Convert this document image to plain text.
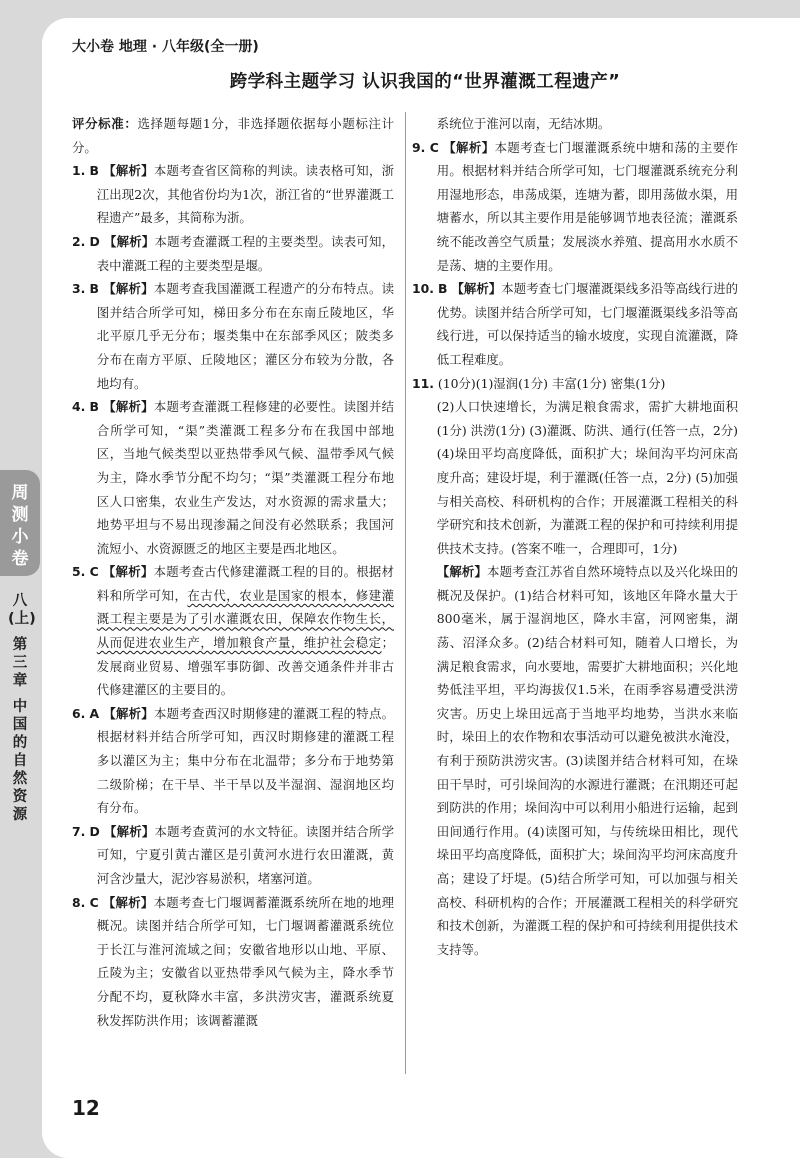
大小卷 地理 · 八年级(全一册)
跨学科主题学习 认识我国的“世界灌溉工程遗产”

评分标准：选择题每题1分，非选择题依据每小题标注计分。

1. B 【解析】本题考查省区简称的判读。读表格可知，浙江出现2次，其他省份均为1次，浙江省的“世界灌溉工程遗产”最多，其简称为浙。

2. D 【解析】本题考查灌溉工程的主要类型。读表可知，表中灌溉工程的主要类型是堰。

3. B 【解析】本题考查我国灌溉工程遗产的分布特点。读图并结合所学可知，梯田多分布在东南丘陵地区，华北平原几乎无分布；堰类集中在东部季风区；陂类多分布在南方平原、丘陵地区；灌区分布较为分散，各地均有。

4. B 【解析】本题考查灌溉工程修建的必要性。读图并结合所学可知，“渠”类灌溉工程多分布在我国中部地区，当地气候类型以亚热带季风气候、温带季风气候为主，降水季节分配不均匀；“渠”类灌溉工程分布地区人口密集，农业生产发达，对水资源的需求量大；地势平坦与不易出现渗漏之间没有必然联系；我国河流短小、水资源匮乏的地区主要是西北地区。

5. C 【解析】本题考查古代修建灌溉工程的目的。根据材料和所学可知，在古代，农业是国家的根本，修建灌溉工程主要是为了引水灌溉农田，保障农作物生长，从而促进农业生产，增加粮食产量，维护社会稳定；发展商业贸易、增强军事防御、改善交通条件并非古代修建灌区的主要目的。

6. A 【解析】本题考查西汉时期修建的灌溉工程的特点。根据材料并结合所学可知，西汉时期修建的灌溉工程多以灌区为主；集中分布在北温带；多分布于地势第二级阶梯；在干旱、半干旱以及半湿润、湿润地区均有分布。

7. D 【解析】本题考查黄河的水文特征。读图并结合所学可知，宁夏引黄古灌区是引黄河水进行农田灌溉，黄河含沙量大，泥沙容易淤积，堵塞河道。

8. C 【解析】本题考查七门堰调蓄灌溉系统所在地的地理概况。读图并结合所学可知，七门堰调蓄灌溉系统位于长江与淮河流域之间；安徽省地形以山地、平原、丘陵为主；安徽省以亚热带季风气候为主，降水季节分配不均，夏秋降水丰富，多洪涝灾害，灌溉系统夏秋发挥防洪作用；该调蓄灌溉

系统位于淮河以南，无结冰期。

9. C 【解析】本题考查七门堰灌溉系统中塘和荡的主要作用。根据材料并结合所学可知，七门堰灌溉系统充分利用湿地形态，串荡成渠，连塘为蓄，即用荡做水渠，用塘蓄水，所以其主要作用是能够调节地表径流；灌溉系统不能改善空气质量；发展淡水养殖、提高用水水质不是荡、塘的主要作用。

10. B 【解析】本题考查七门堰灌溉渠线多沿等高线行进的优势。读图并结合所学可知，七门堰灌溉渠线多沿等高线行进，可以保持适当的输水坡度，实现自流灌溉，降低工程难度。

11. (10分)(1)湿润(1分) 丰富(1分) 密集(1分)

(2)人口快速增长，为满足粮食需求，需扩大耕地面积(1分) 洪涝(1分) (3)灌溉、防洪、通行(任答一点，2分) (4)垛田平均高度降低，面积扩大；垛间沟平均河床高度升高；建设圩堤，利于灌溉(任答一点，2分) (5)加强与相关高校、科研机构的合作；开展灌溉工程相关的科学研究和技术创新，为灌溉工程的保护和可持续利用提供技术支持。(答案不唯一，合理即可，1分)

【解析】本题考查江苏省自然环境特点以及兴化垛田的概况及保护。(1)结合材料可知，该地区年降水量大于800毫米，属于湿润地区，降水丰富，河网密集，湖荡、沼泽众多。(2)结合材料可知，随着人口增长，为满足粮食需求，向水要地，需要扩大耕地面积；兴化地势低洼平坦，平均海拔仅1.5米，在雨季容易遭受洪涝灾害。历史上垛田远高于当地平均地势，当洪水来临时，垛田上的农作物和农事活动可以避免被洪水淹没，有利于预防洪涝灾害。(3)读图并结合材料可知，在垛田干旱时，可引垛间沟的水源进行灌溉；在汛期还可起到防洪的作用；垛间沟中可以利用小船进行运输，起到田间通行作用。(4)读图可知，与传统垛田相比，现代垛田平均高度降低，面积扩大；垛间沟平均河床高度升高；建设了圩堤。(5)结合所学可知，可以加强与相关高校、科研机构的合作；开展灌溉工程相关的科学研究和技术创新，为灌溉工程的保护和可持续利用提供技术支持等。

周测小卷
八(上)
第三章
中国的自然资源
12
